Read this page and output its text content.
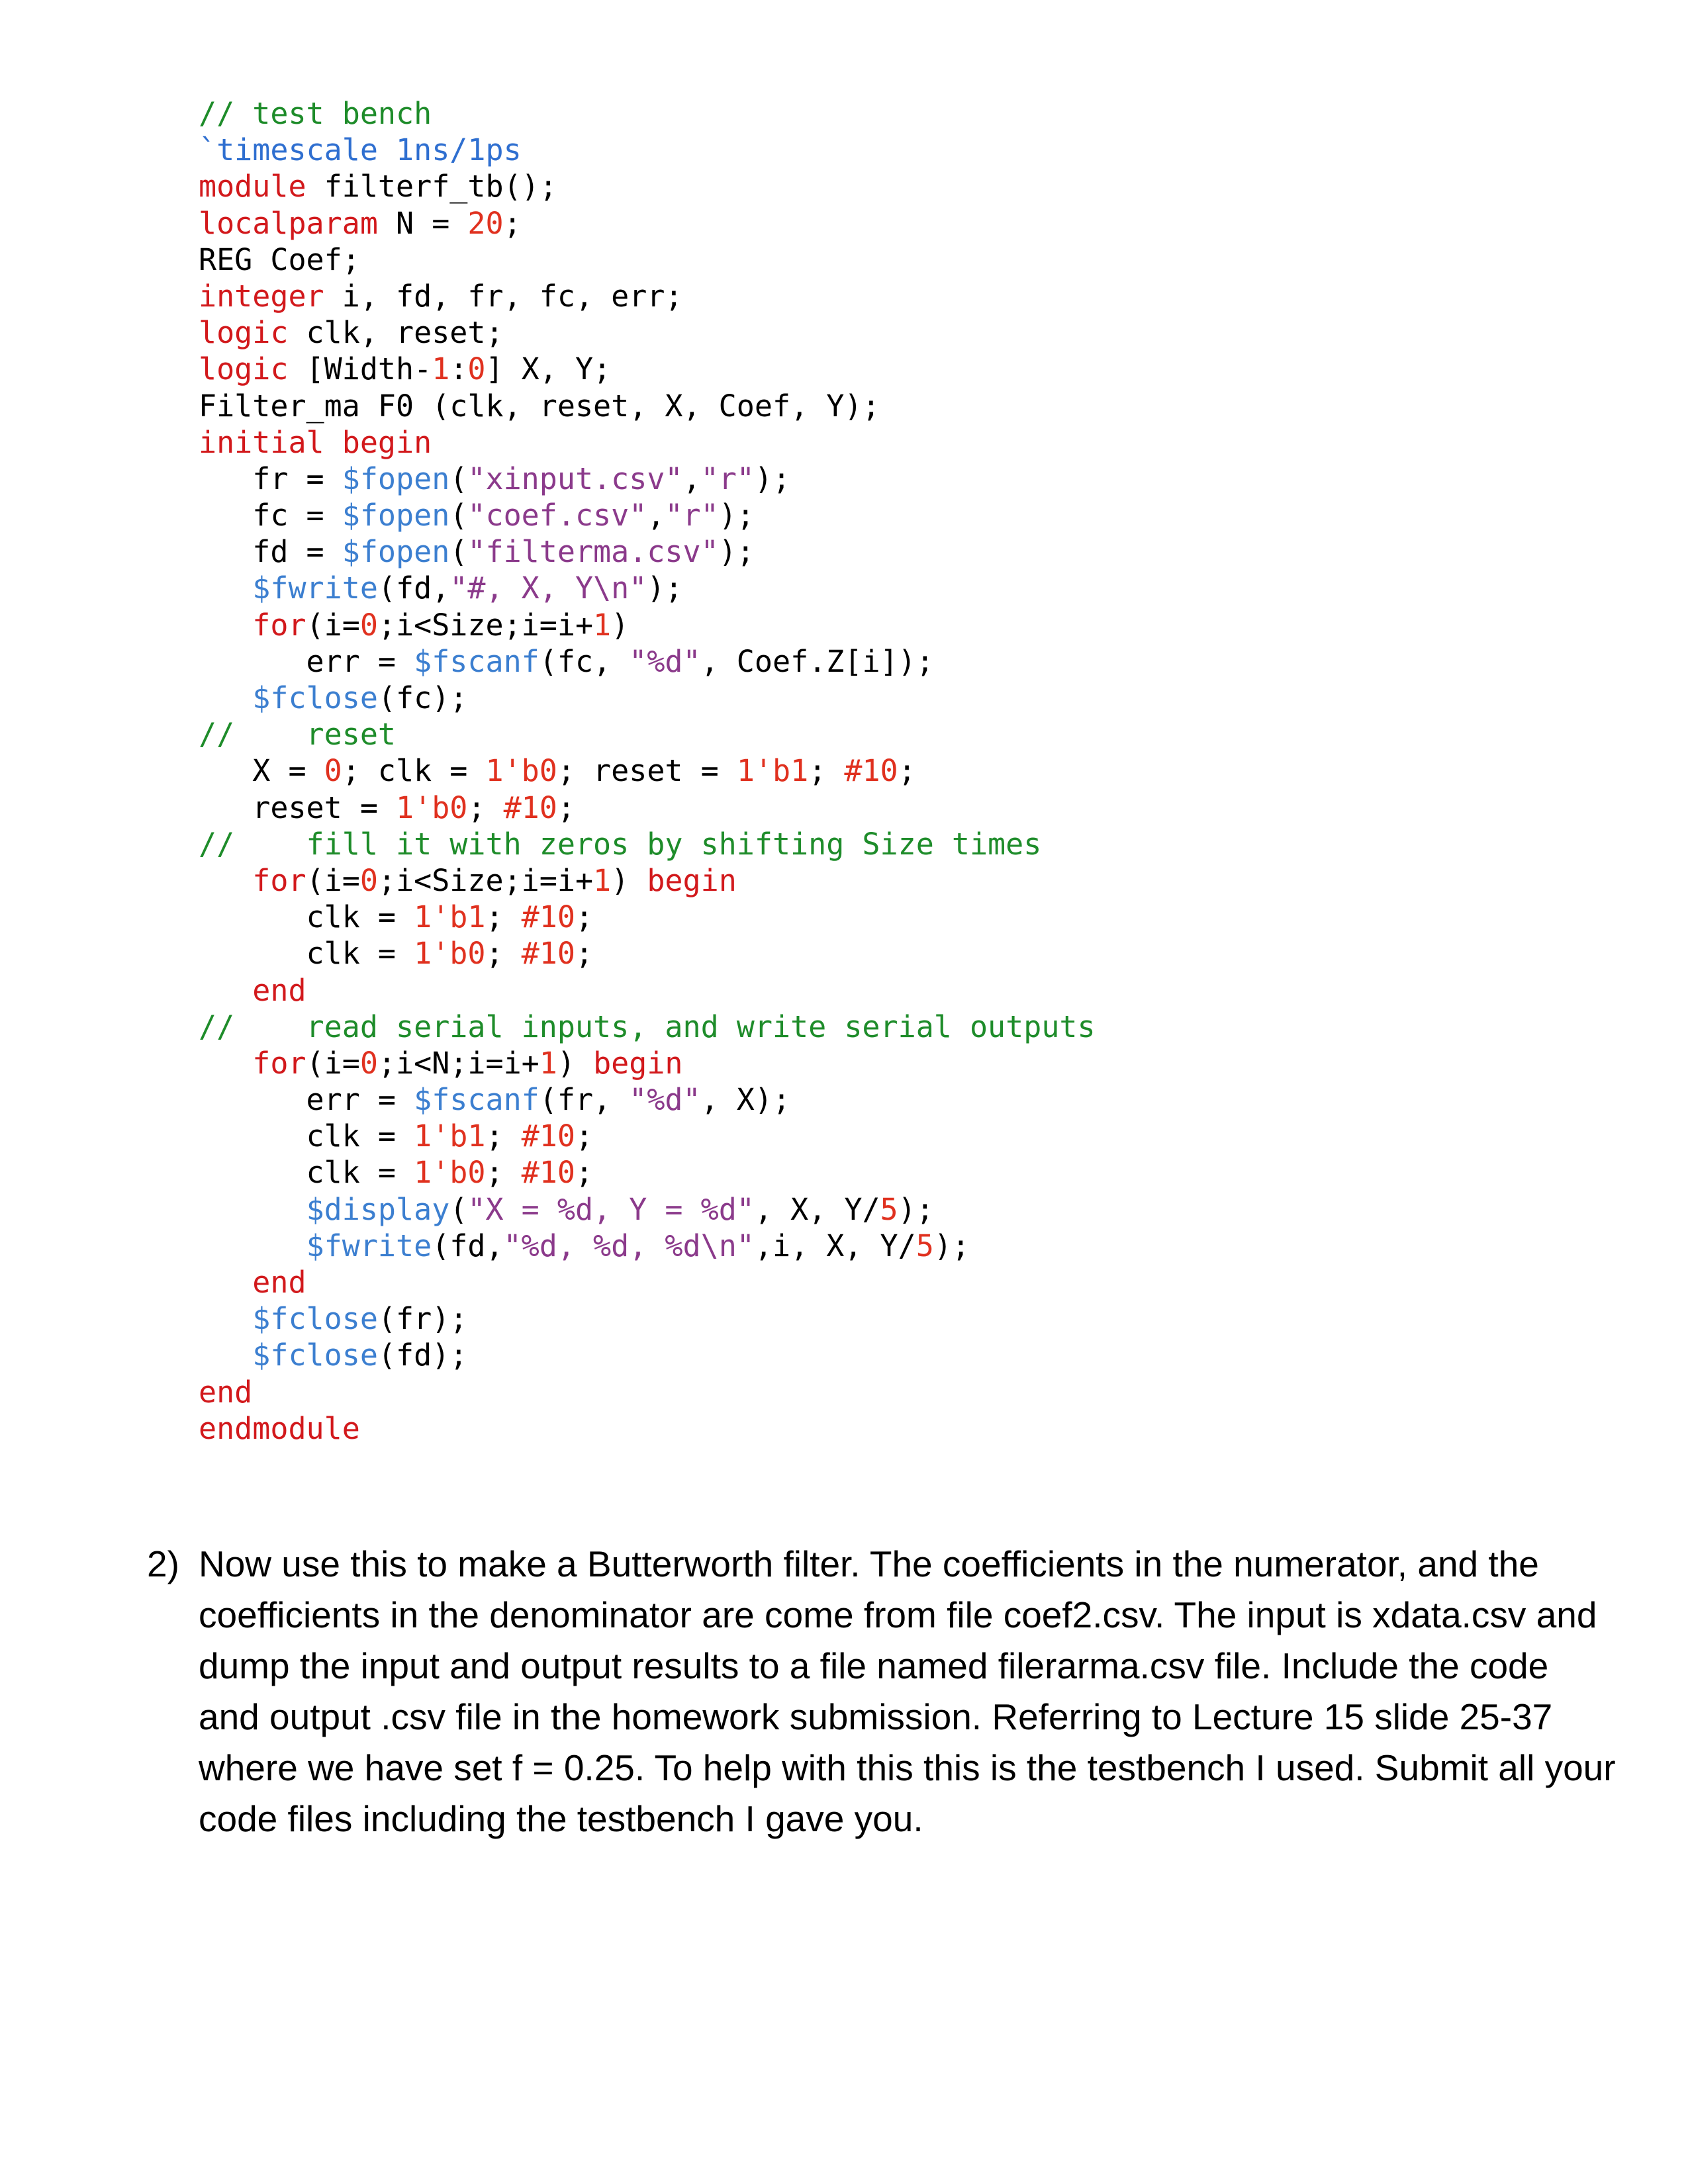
// test bench
`timescale 1ns/1ps
module filterf_tb();
localparam N = 20;
REG Coef;
integer i, fd, fr, fc, err;
logic clk, reset;
logic [Width-1:0] X, Y;
Filter_ma F0 (clk, reset, X, Coef, Y);
initial begin
fr = $fopen("xinput.csv","r");
fc = $fopen("coef.csv","r");
fd = $fopen("filterma.csv");
$fwrite(fd,"#, X, Y\n");
for(i=0;i<Size;i=i+1)
err = $fscanf(fc, "%d", Coef.Z[i]);
$fclose(fc);
//    reset
X = 0; clk = 1'b0; reset = 1'b1; #10;
reset = 1'b0; #10;
//    fill it with zeros by shifting Size times
for(i=0;i<Size;i=i+1) begin
clk = 1'b1; #10;
clk = 1'b0; #10;
end
//    read serial inputs, and write serial outputs
for(i=0;i<N;i=i+1) begin
err = $fscanf(fr, "%d", X);
clk = 1'b1; #10;
clk = 1'b0; #10;
$display("X = %d, Y = %d", X, Y/5);
$fwrite(fd,"%d, %d, %d\n",i, X, Y/5);
end
$fclose(fr);
$fclose(fd);
end
endmodule
2) Now use this to make a Butterworth filter. The coefficients in the numerator, and the
coefficients in the denominator are come from file coef2.csv. The input is xdata.csv and
dump the input and output results to a file named filerarma.csv file. Include the code
and output .csv file in the homework submission. Referring to Lecture 15 slide 25-37
where we have set f = 0.25. To help with this this is the testbench I used. Submit all your
code files including the testbench I gave you.
